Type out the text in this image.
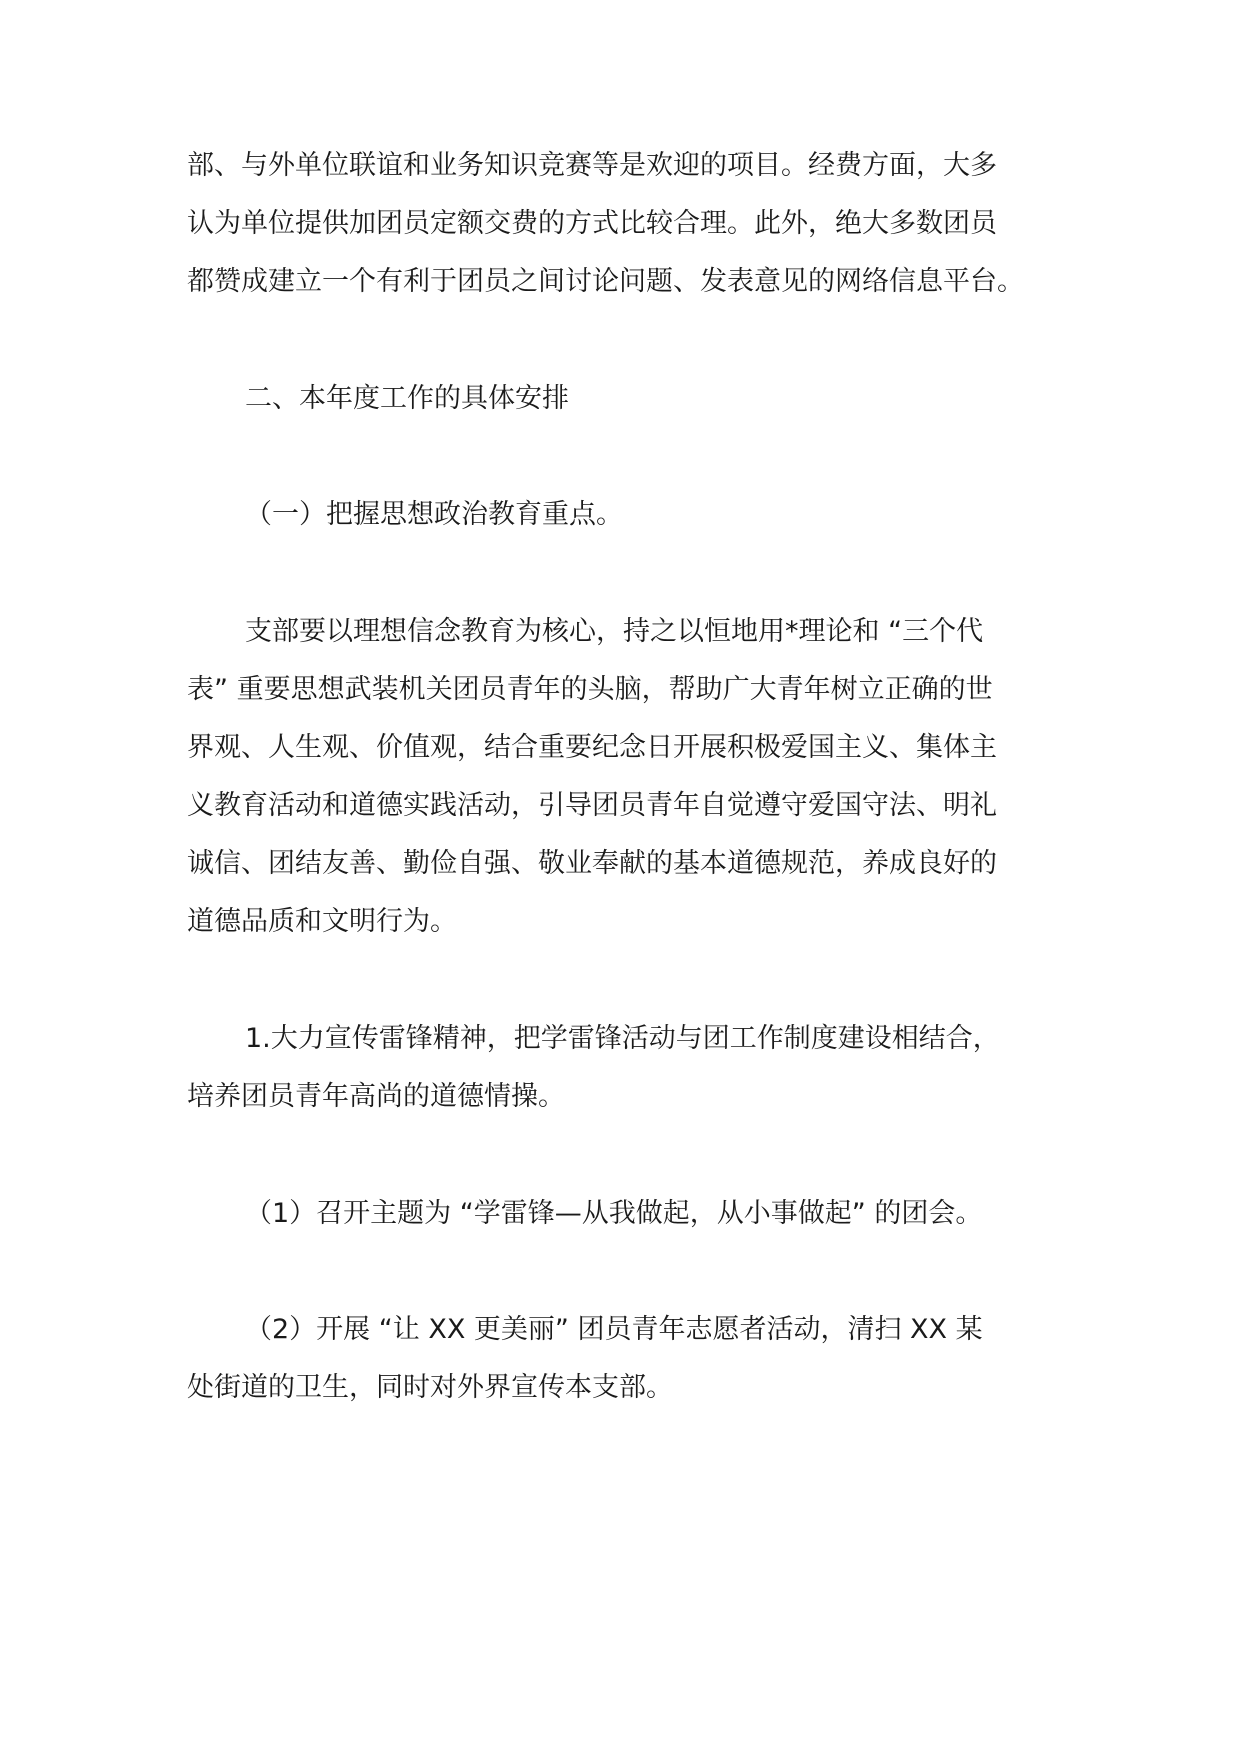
部、与外单位联谊和业务知识竞赛等是欢迎的项目。经费方面，大多
认为单位提供加团员定额交费的方式比较合理。此外，绝大多数团员
都赞成建立一个有利于团员之间讨论问题、发表意见的网络信息平台。
二、本年度工作的具体安排
（一）把握思想政治教育重点。
支部要以理想信念教育为核心，持之以恒地用*理论和 “三个代
表” 重要思想武装机关团员青年的头脑，帮助广大青年树立正确的世
界观、人生观、价值观，结合重要纪念日开展积极爱国主义、集体主
义教育活动和道德实践活动，引导团员青年自觉遵守爱国守法、明礼
诚信、团结友善、勤俭自强、敬业奉献的基本道德规范，养成良好的
道德品质和文明行为。
1.大力宣传雷锋精神，把学雷锋活动与团工作制度建设相结合，
培养团员青年高尚的道德情操。
（1）召开主题为 “学雷锋—从我做起，从小事做起” 的团会。
（2）开展 “让 XX 更美丽” 团员青年志愿者活动，清扫 XX 某
处街道的卫生，同时对外界宣传本支部。
